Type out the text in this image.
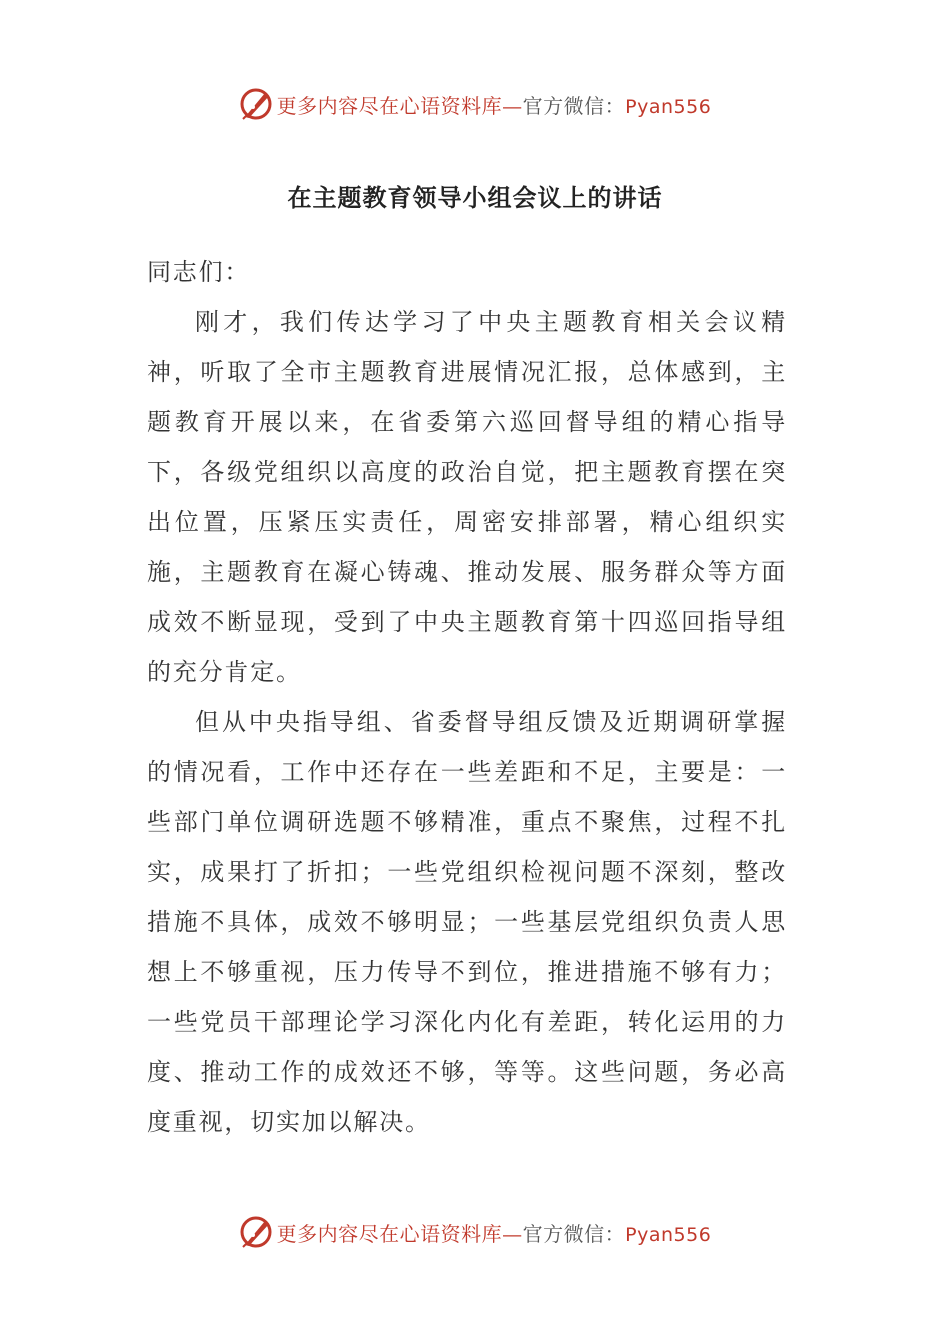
更多内容尽在心语资料库—官方微信：Pyan556
在主题教育领导小组会议上的讲话

同志们：

刚才，我们传达学习了中央主题教育相关会议精神，听取了全市主题教育进展情况汇报，总体感到，主题教育开展以来，在省委第六巡回督导组的精心指导下，各级党组织以高度的政治自觉，把主题教育摆在突出位置，压紧压实责任，周密安排部署，精心组织实施，主题教育在凝心铸魂、推动发展、服务群众等方面成效不断显现，受到了中央主题教育第十四巡回指导组的充分肯定。

但从中央指导组、省委督导组反馈及近期调研掌握的情况看，工作中还存在一些差距和不足，主要是：一些部门单位调研选题不够精准，重点不聚焦，过程不扎实，成果打了折扣；一些党组织检视问题不深刻，整改措施不具体，成效不够明显；一些基层党组织负责人思想上不够重视，压力传导不到位，推进措施不够有力；一些党员干部理论学习深化内化有差距，转化运用的力度、推动工作的成效还不够，等等。这些问题，务必高度重视，切实加以解决。

更多内容尽在心语资料库—官方微信：Pyan556
